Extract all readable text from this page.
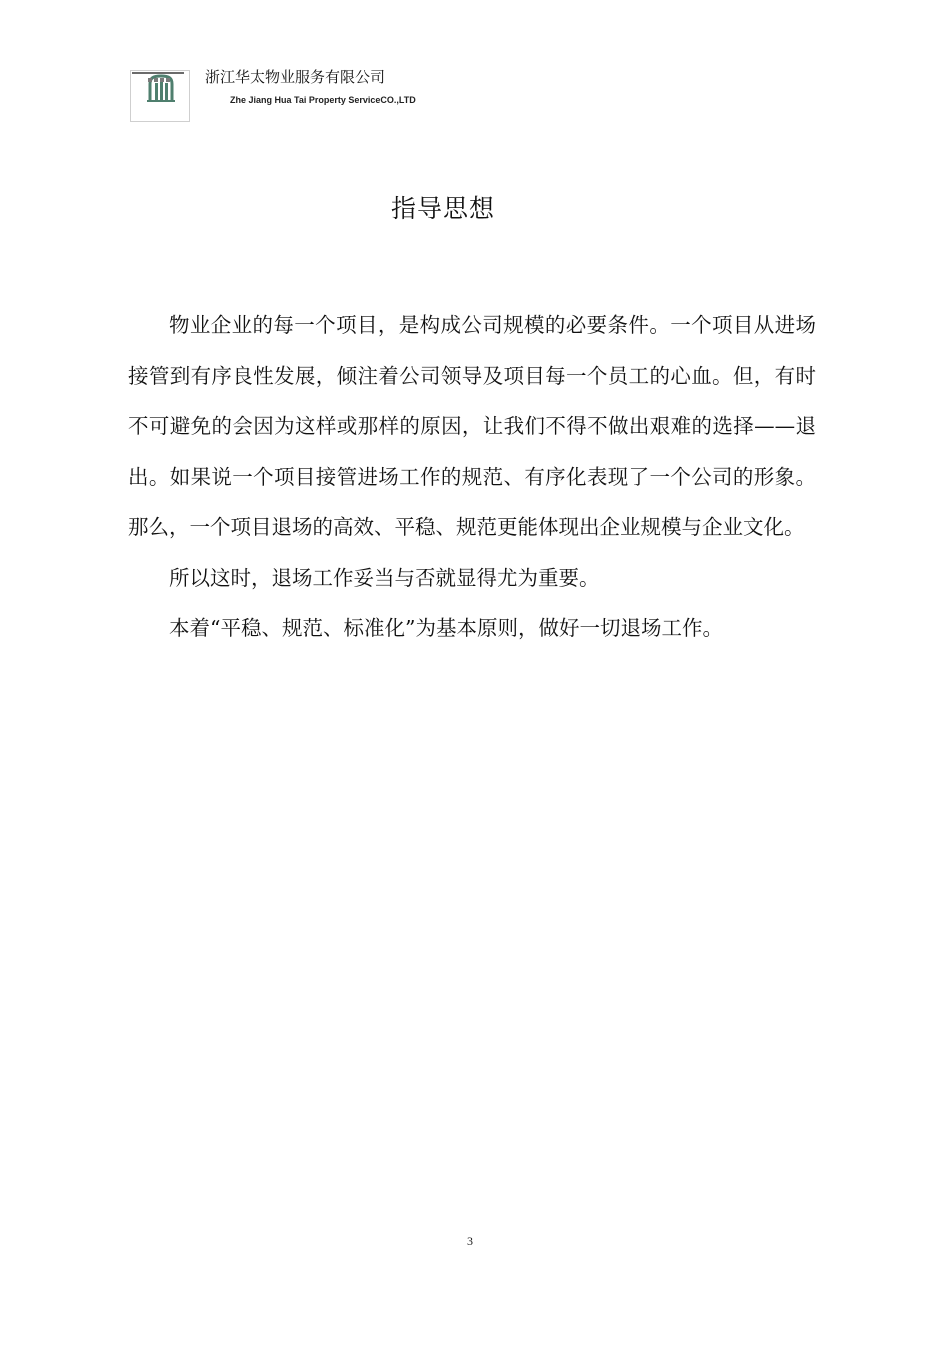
浙江华太物业服务有限公司
Zhe Jiang Hua Tai Property ServiceCO.,LTD
指导思想

物业企业的每一个项目，是构成公司规模的必要条件。一个项目从进场接管到有序良性发展，倾注着公司领导及项目每一个员工的心血。但，有时不可避免的会因为这样或那样的原因，让我们不得不做出艰难的选择——退出。如果说一个项目接管进场工作的规范、有序化表现了一个公司的形象。那么，一个项目退场的高效、平稳、规范更能体现出企业规模与企业文化。

所以这时，退场工作妥当与否就显得尤为重要。

本着“平稳、规范、标准化”为基本原则，做好一切退场工作。

3
